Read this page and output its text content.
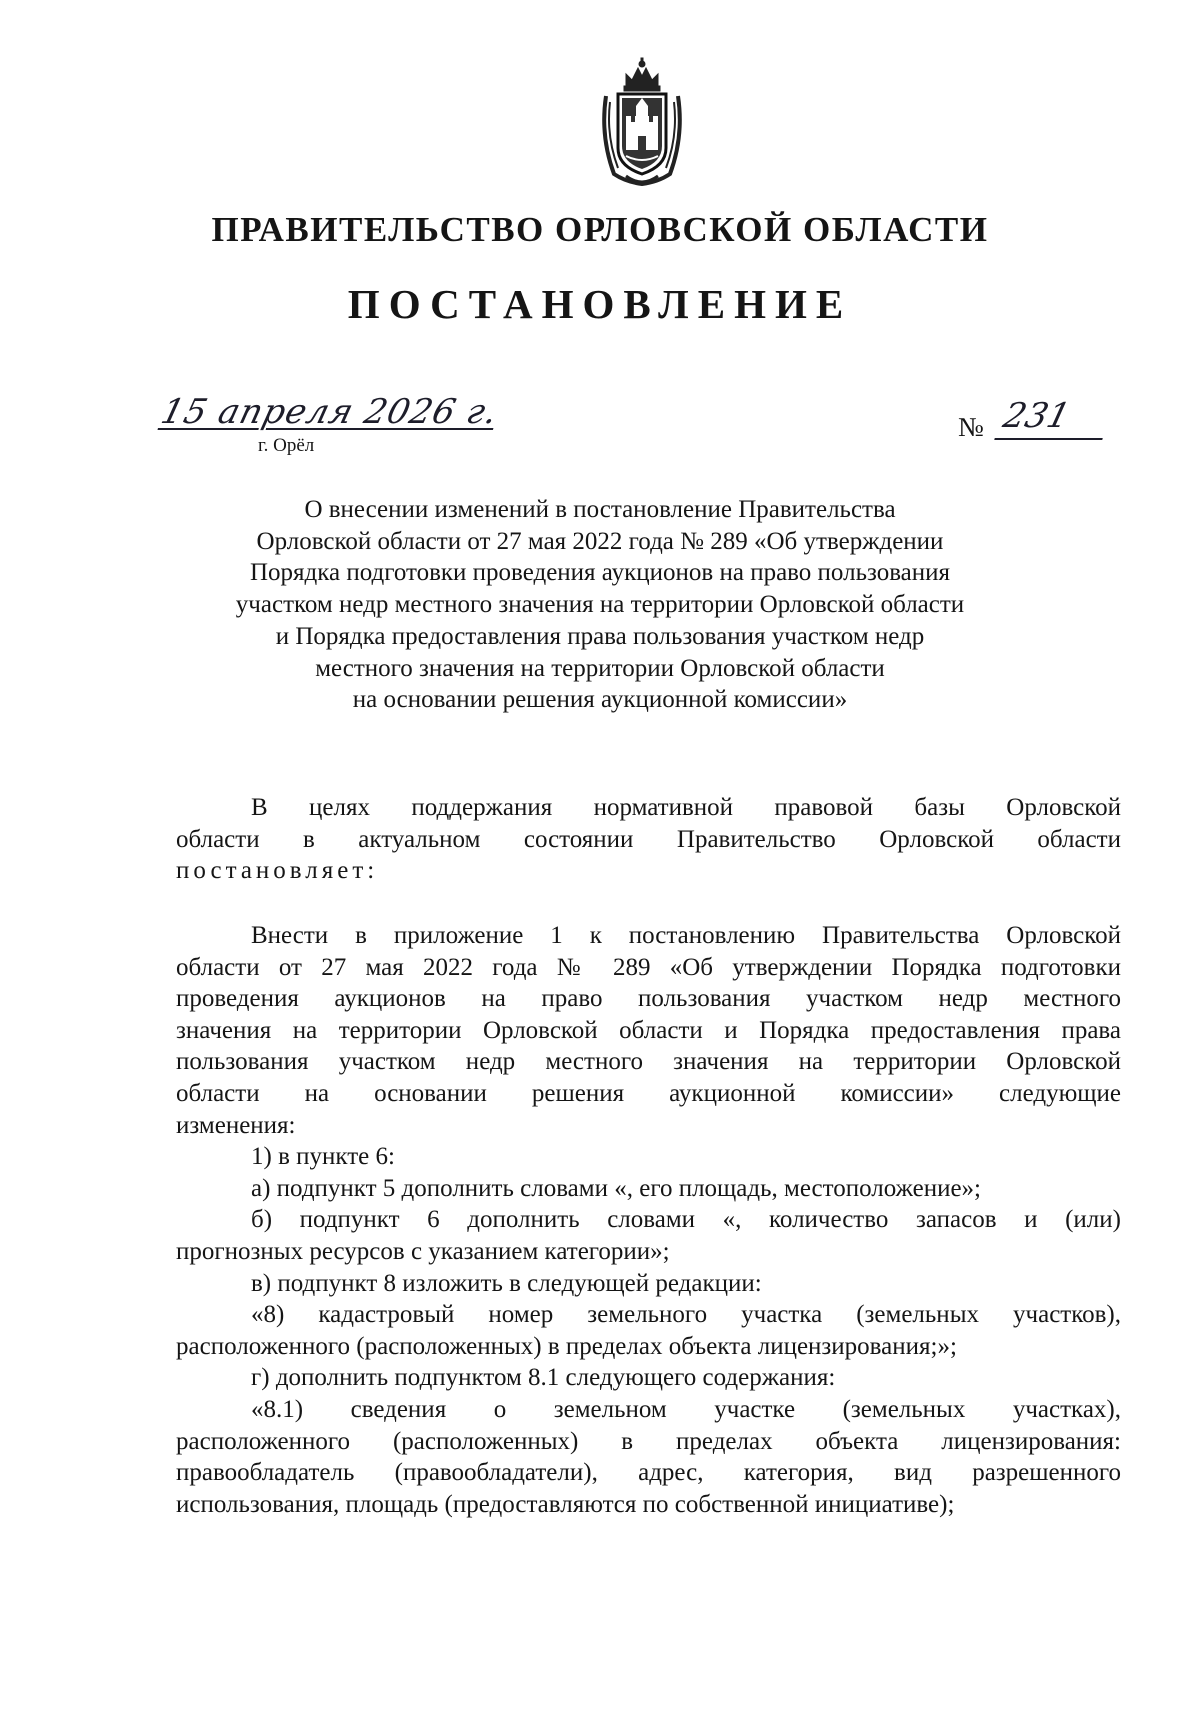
ПРАВИТЕЛЬСТВО ОРЛОВСКОЙ ОБЛАСТИ
ПОСТАНОВЛЕНИЕ
15 апреля 2026 г.
г. Орёл
№ 231
О внесении изменений в постановление Правительства
Орловской области от 27 мая 2022 года № 289 «Об утверждении
Порядка подготовки проведения аукционов на право пользования
участком недр местного значения на территории Орловской области
и Порядка предоставления права пользования участком недр
местного значения на территории Орловской области
на основании решения аукционной комиссии»
В целях поддержания нормативной правовой базы Орловской
области в актуальном состоянии Правительство Орловской области
постановляет:
Внести в приложение 1 к постановлению Правительства Орловской
области от 27 мая 2022 года № 289 «Об утверждении Порядка подготовки
проведения аукционов на право пользования участком недр местного
значения на территории Орловской области и Порядка предоставления права
пользования участком недр местного значения на территории Орловской
области на основании решения аукционной комиссии» следующие
изменения:
1) в пункте 6:
а) подпункт 5 дополнить словами «, его площадь, местоположение»;
б) подпункт 6 дополнить словами «, количество запасов и (или)
прогнозных ресурсов с указанием категории»;
в) подпункт 8 изложить в следующей редакции:
«8) кадастровый номер земельного участка (земельных участков),
расположенного (расположенных) в пределах объекта лицензирования;»;
г) дополнить подпунктом 8.1 следующего содержания:
«8.1) сведения о земельном участке (земельных участках),
расположенного (расположенных) в пределах объекта лицензирования:
правообладатель (правообладатели), адрес, категория, вид разрешенного
использования, площадь (предоставляются по собственной инициативе);
